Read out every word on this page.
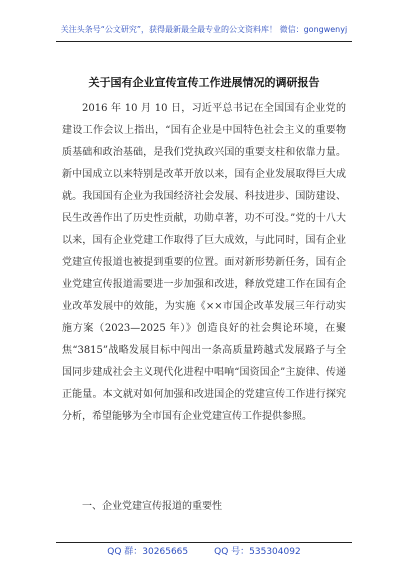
关注头条号“公文研究”，获得最新最全最专业的公文资料库！ 微信：gongwenyj
关于国有企业宣传宣传工作进展情况的调研报告

2016 年 10 月 10 日，习近平总书记在全国国有企业党的建设工作会议上指出，“国有企业是中国特色社会主义的重要物质基础和政治基础，是我们党执政兴国的重要支柱和依靠力量。新中国成立以来特别是改革开放以来，国有企业发展取得巨大成就。我国国有企业为我国经济社会发展、科技进步、国防建设、民生改善作出了历史性贡献，功勋卓著，功不可没。”党的十八大以来，国有企业党建工作取得了巨大成效，与此同时，国有企业党建宣传报道也被提到重要的位置。面对新形势新任务，国有企业党建宣传报道需要进一步加强和改进，释放党建工作在国有企业改革发展中的效能，为实施《××市国企改革发展三年行动实施方案（2023—2025 年）》创造良好的社会舆论环境，在聚焦“3815”战略发展目标中闯出一条高质量跨越式发展路子与全国同步建成社会主义现代化进程中唱响“国资国企”主旋律、传递正能量。本文就对如何加强和改进国企的党建宣传工作进行探究分析，希望能够为全市国有企业党建宣传工作提供参照。

一、企业党建宣传报道的重要性
QQ 群：30265665	QQ 号：535304092
